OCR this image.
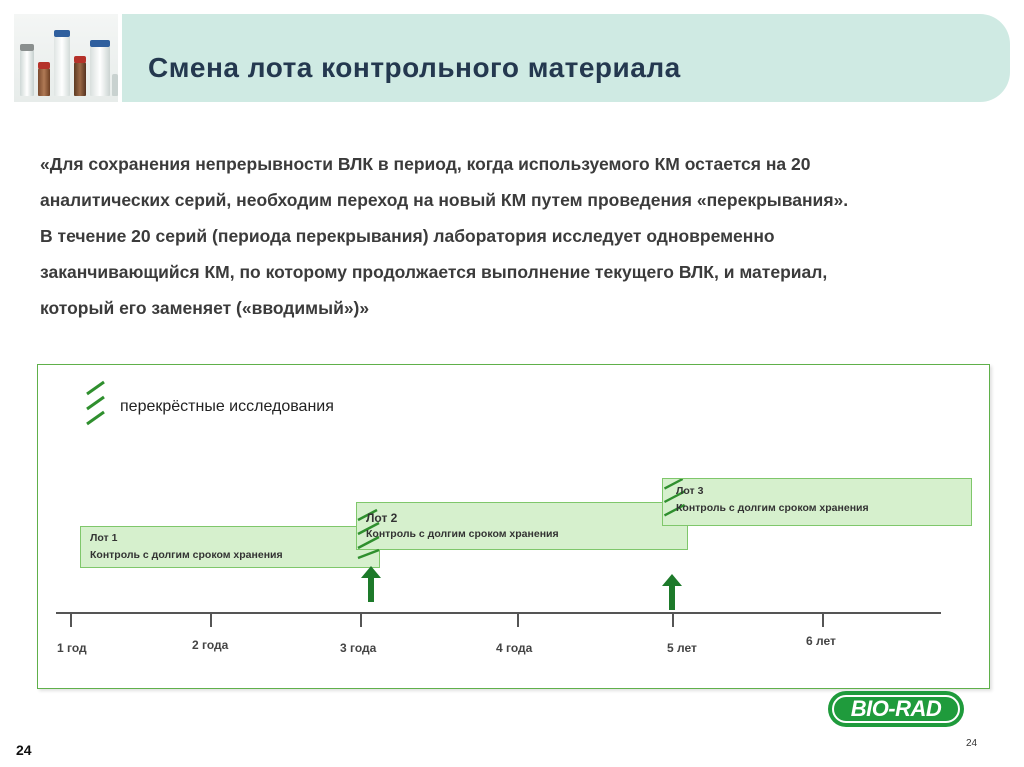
Смена лота контрольного материала
«Для сохранения непрерывности ВЛК в период, когда используемого КМ остается на 20
аналитических серий, необходим переход на новый КМ путем проведения «перекрывания».
В течение 20 серий (периода перекрывания) лаборатория исследует одновременно
заканчивающийся КМ, по которому продолжается выполнение текущего ВЛК, и материал,
который его заменяет («вводимый»)»
перекрёстные исследования
Лот 1
Контроль с долгим сроком хранения
Лот 2
Контроль с долгим сроком хранения
Лот 3
Контроль с долгим сроком хранения
1 год	2 года	3 года	4 года	5 лет	6 лет
BIO-RAD
24	24
